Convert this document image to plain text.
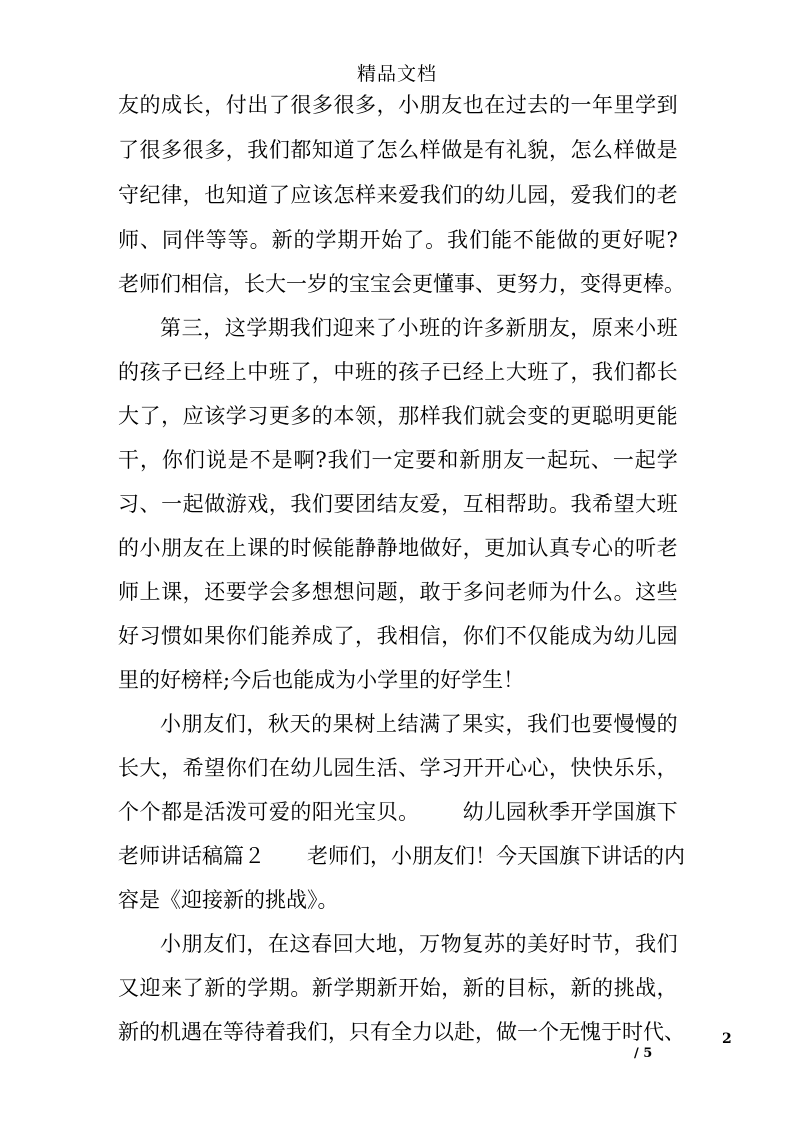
精品文档
友 的 成 长 ， 付 出 了 很 多 很 多 ， 小 朋 友 也 在 过 去 的 一 年 里 学 到
了 很 多 很 多 ， 我 们 都 知 道 了 怎 么 样 做 是 有 礼 貌 ， 怎 么 样 做 是
守 纪 律 ， 也 知 道 了 应 该 怎 样 来 爱 我 们 的 幼 儿 园 ， 爱 我 们 的 老
师 、 同 伴 等 等 。 新 的 学 期 开 始 了 。 我 们 能 不 能 做 的 更 好 呢 ?
老 师 们 相 信 ， 长 大 一 岁 的 宝 宝 会 更 懂 事 、 更 努 力 ， 变 得 更 棒 。
第 三 ， 这 学 期 我 们 迎 来 了 小 班 的 许 多 新 朋 友 ， 原 来 小 班
的 孩 子 已 经 上 中 班 了 ， 中 班 的 孩 子 已 经 上 大 班 了 ， 我 们 都 长
大 了 ， 应 该 学 习 更 多 的 本 领 ， 那 样 我 们 就 会 变 的 更 聪 明 更 能
干 ， 你 们 说 是 不 是 啊 ? 我 们 一 定 要 和 新 朋 友 一 起 玩 、 一 起 学
习 、 一 起 做 游 戏 ， 我 们 要 团 结 友 爱 ， 互 相 帮 助 。 我 希 望 大 班
的 小 朋 友 在 上 课 的 时 候 能 静 静 地 做 好 ， 更 加 认 真 专 心 的 听 老
师 上 课 ， 还 要 学 会 多 想 想 问 题 ， 敢 于 多 问 老 师 为 什 么 。 这 些
好 习 惯 如 果 你 们 能 养 成 了 ， 我 相 信 ， 你 们 不 仅 能 成 为 幼 儿 园
里的好榜样;今后也能成为小学里的好学生！
小 朋 友 们 ， 秋 天 的 果 树 上 结 满 了 果 实 ， 我 们 也 要 慢 慢 的
长 大 ， 希 望 你 们 在 幼 儿 园 生 活 、 学 习 开 开 心 心 ， 快 快 乐 乐 ，
个 个 都 是 活 泼 可 爱 的 阳 光 宝 贝 。

　 幼 儿 园 秋 季 开 学 国 旗 下
老 师 讲 话 稿 篇 ２

　 老 师 们 ， 小 朋 友 们 ！ 今 天 国 旗 下 讲 话 的 内
容是《迎接新的挑战》。
小 朋 友 们 ， 在 这 春 回 大 地 ， 万 物 复 苏 的 美 好 时 节 ， 我 们
又 迎 来 了 新 的 学 期 。 新 学 期 新 开 始 ， 新 的 目 标 ， 新 的 挑 战 ，
新 的 机 遇 在 等 待 着 我 们 ， 只 有 全 力 以 赴 ， 做 一 个 无 愧 于 时 代 、	2
/ 5
